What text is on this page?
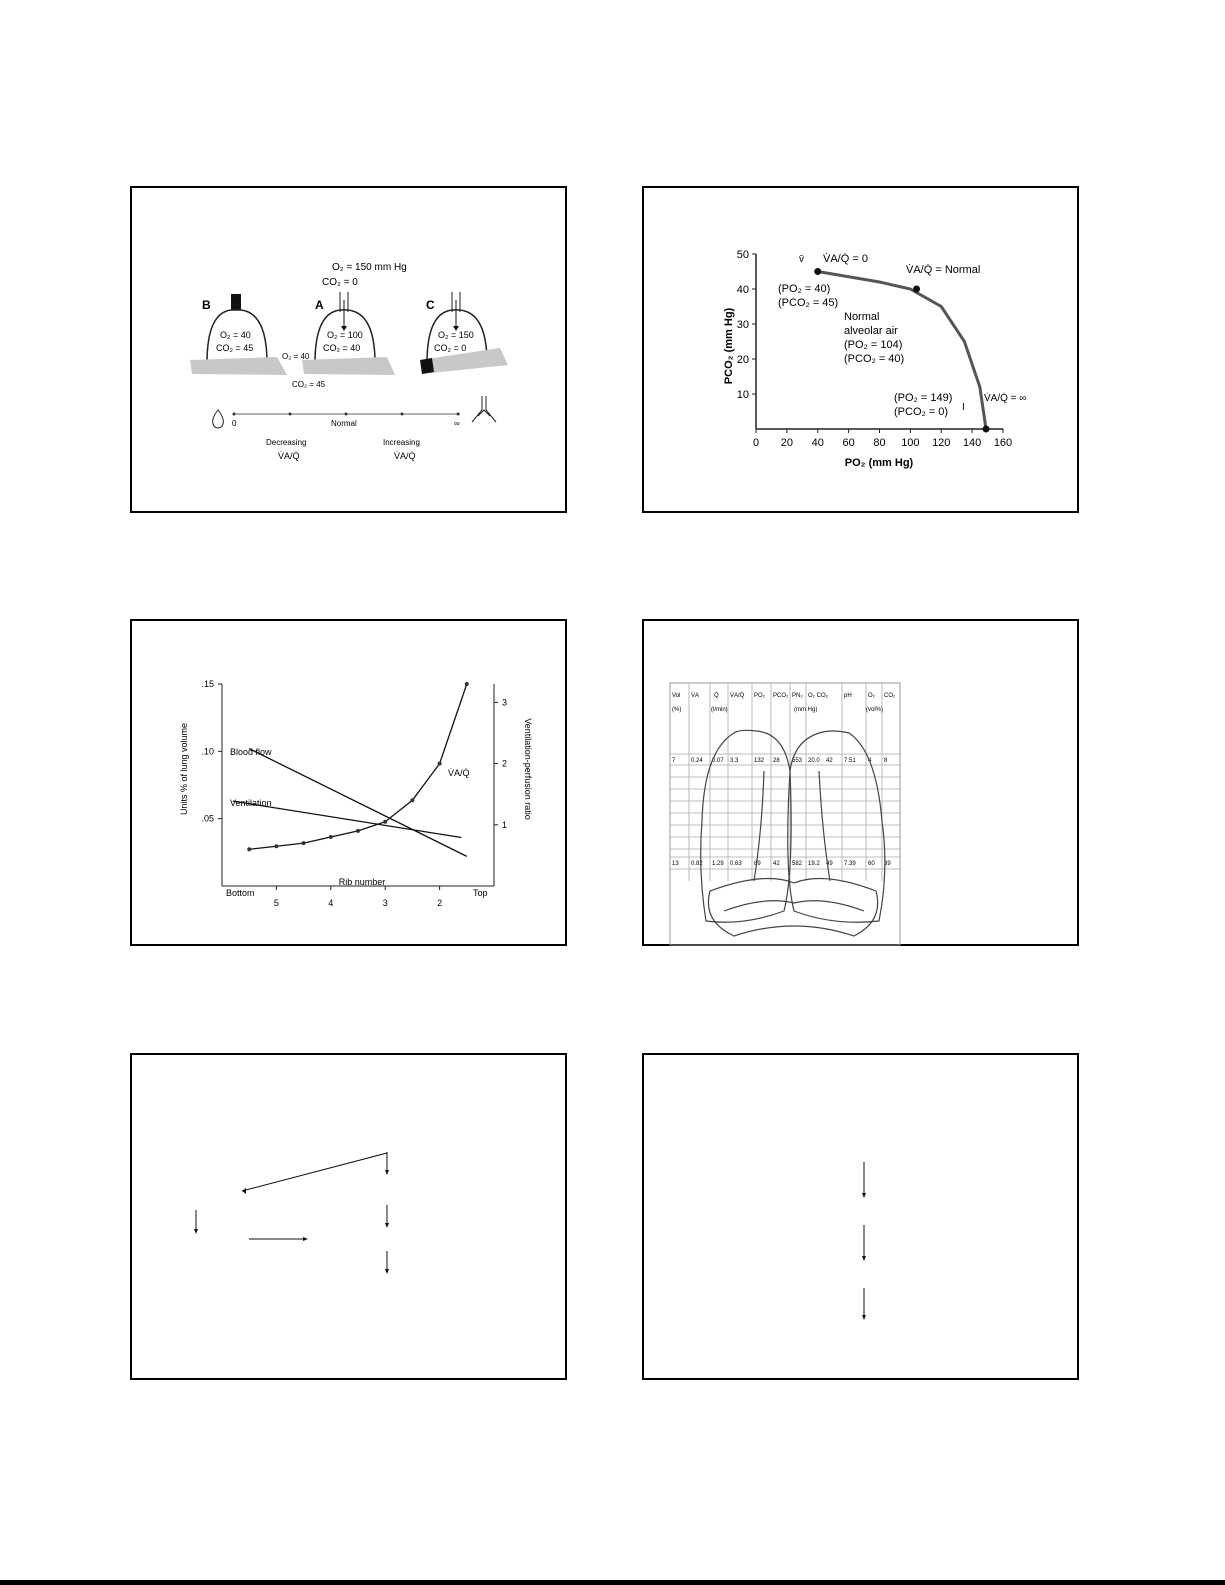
O₂ = 150 mm Hg
CO₂ = 0
B
O₂ = 40
CO₂ = 45
A
O₂ = 100
CO₂ = 40
O₂ = 40
CO₂ = 45
C
O₂ = 150
CO₂ = 0
0	Normal	∞
Decreasing
V̇A/Q̇
Increasing
V̇A/Q̇
0 20 40 60 80 100 120 140 160
10
20
30
40
50
PCO₂ (mm Hg)
PO₂ (mm Hg)
v̄ V̇A/Q̇ = 0
V̇A/Q̇ = Normal
(PO₂ = 40)
(PCO₂ = 45)
Normal
alveolar air
(PO₂ = 104)
(PCO₂ = 40)
(PO₂ = 149)
(PCO₂ = 0) I
V̇A/Q̇ = ∞
5	4	3	2
.15
.10
.05
3
2
1
Units % of lung volume	Ventilation-perfusion ratio
Rib number
Bottom	Top
Blood flow
Ventilation
V̇A/Q̇
Vol V̇A Q̇ V̇A/Q̇ PO₂ PCO₂ PN₂ O₂ CO₂	pH	O₂ CO₂
(%)	(l/min)	(mm Hg)	(vol%)
7	0.24 0.07 3.3	132 28 553 20.0 42 7.51 4 8
13 0.82 1.29 0.63 89 42 582 19.2 49 7.39 60 39
